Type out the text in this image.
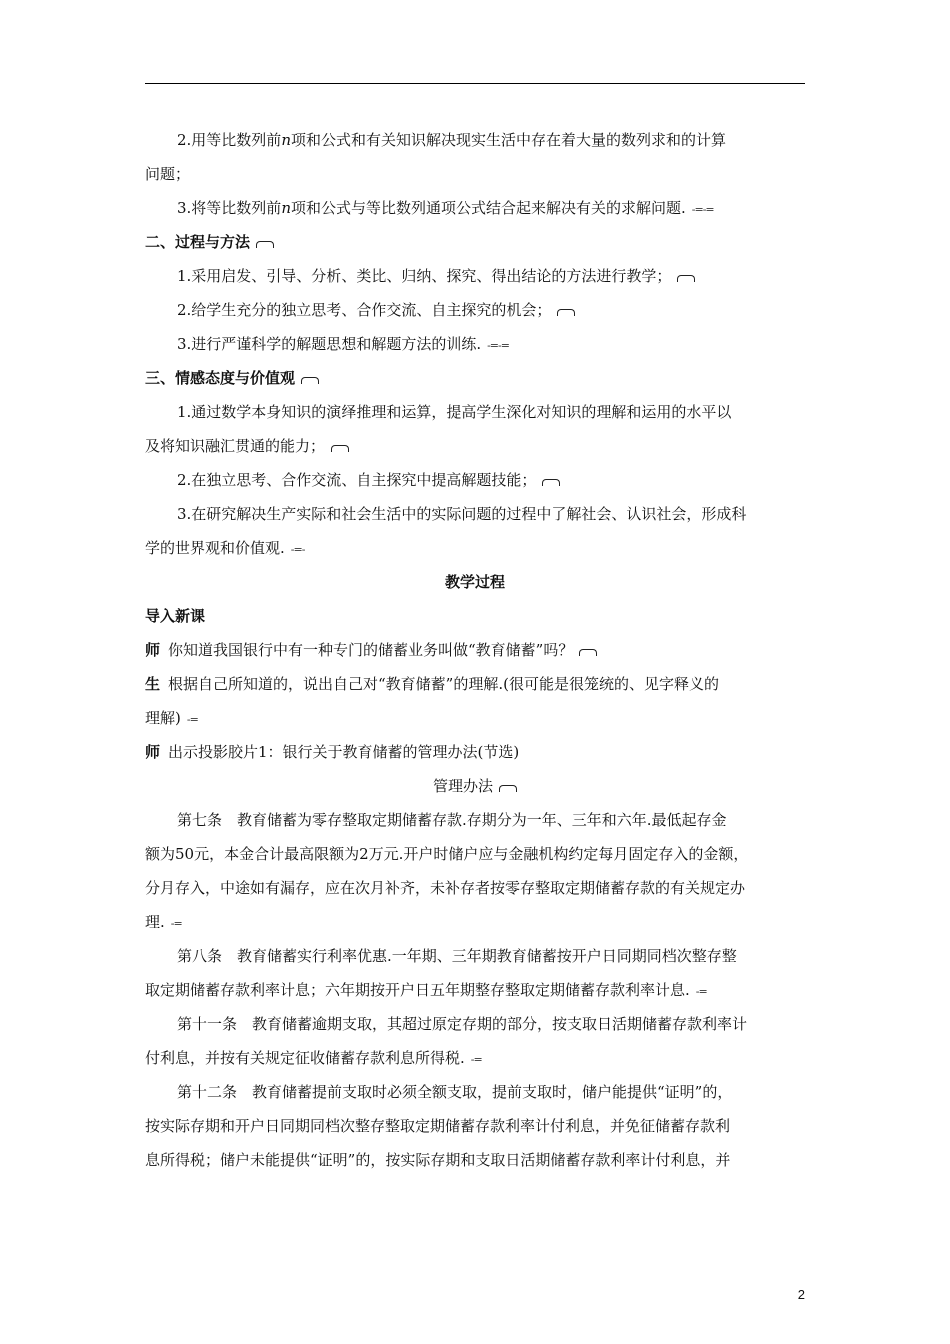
2.用等比数列前n项和公式和有关知识解决现实生活中存在着大量的数列求和的计算
问题；
3.将等比数列前n项和公式与等比数列通项公式结合起来解决有关的求解问题. -=-=
二、过程与方法
1.采用启发、引导、分析、类比、归纳、探究、得出结论的方法进行教学；
2.给学生充分的独立思考、合作交流、自主探究的机会；
3.进行严谨科学的解题思想和解题方法的训练. -=-=
三、情感态度与价值观
1.通过数学本身知识的演绎推理和运算，提高学生深化对知识的理解和运用的水平以
及将知识融汇贯通的能力；
2.在独立思考、合作交流、自主探究中提高解题技能；
3.在研究解决生产实际和社会生活中的实际问题的过程中了解社会、认识社会，形成科
学的世界观和价值观. -=-
教学过程
导入新课
师 你知道我国银行中有一种专门的储蓄业务叫做“教育储蓄”吗？
生 根据自己所知道的，说出自己对“教育储蓄”的理解.(很可能是很笼统的、见字释义的
理解) -=
师 出示投影胶片1：银行关于教育储蓄的管理办法(节选)
管理办法
第七条　教育储蓄为零存整取定期储蓄存款.存期分为一年、三年和六年.最低起存金
额为50元，本金合计最高限额为2万元.开户时储户应与金融机构约定每月固定存入的金额，
分月存入，中途如有漏存，应在次月补齐，未补存者按零存整取定期储蓄存款的有关规定办
理. -=
第八条　教育储蓄实行利率优惠.一年期、三年期教育储蓄按开户日同期同档次整存整
取定期储蓄存款利率计息；六年期按开户日五年期整存整取定期储蓄存款利率计息. -=
第十一条　教育储蓄逾期支取，其超过原定存期的部分，按支取日活期储蓄存款利率计
付利息，并按有关规定征收储蓄存款利息所得税. -=
第十二条　教育储蓄提前支取时必须全额支取，提前支取时，储户能提供“证明”的，
按实际存期和开户日同期同档次整存整取定期储蓄存款利率计付利息，并免征储蓄存款利
息所得税；储户未能提供“证明”的，按实际存期和支取日活期储蓄存款利率计付利息，并
2
